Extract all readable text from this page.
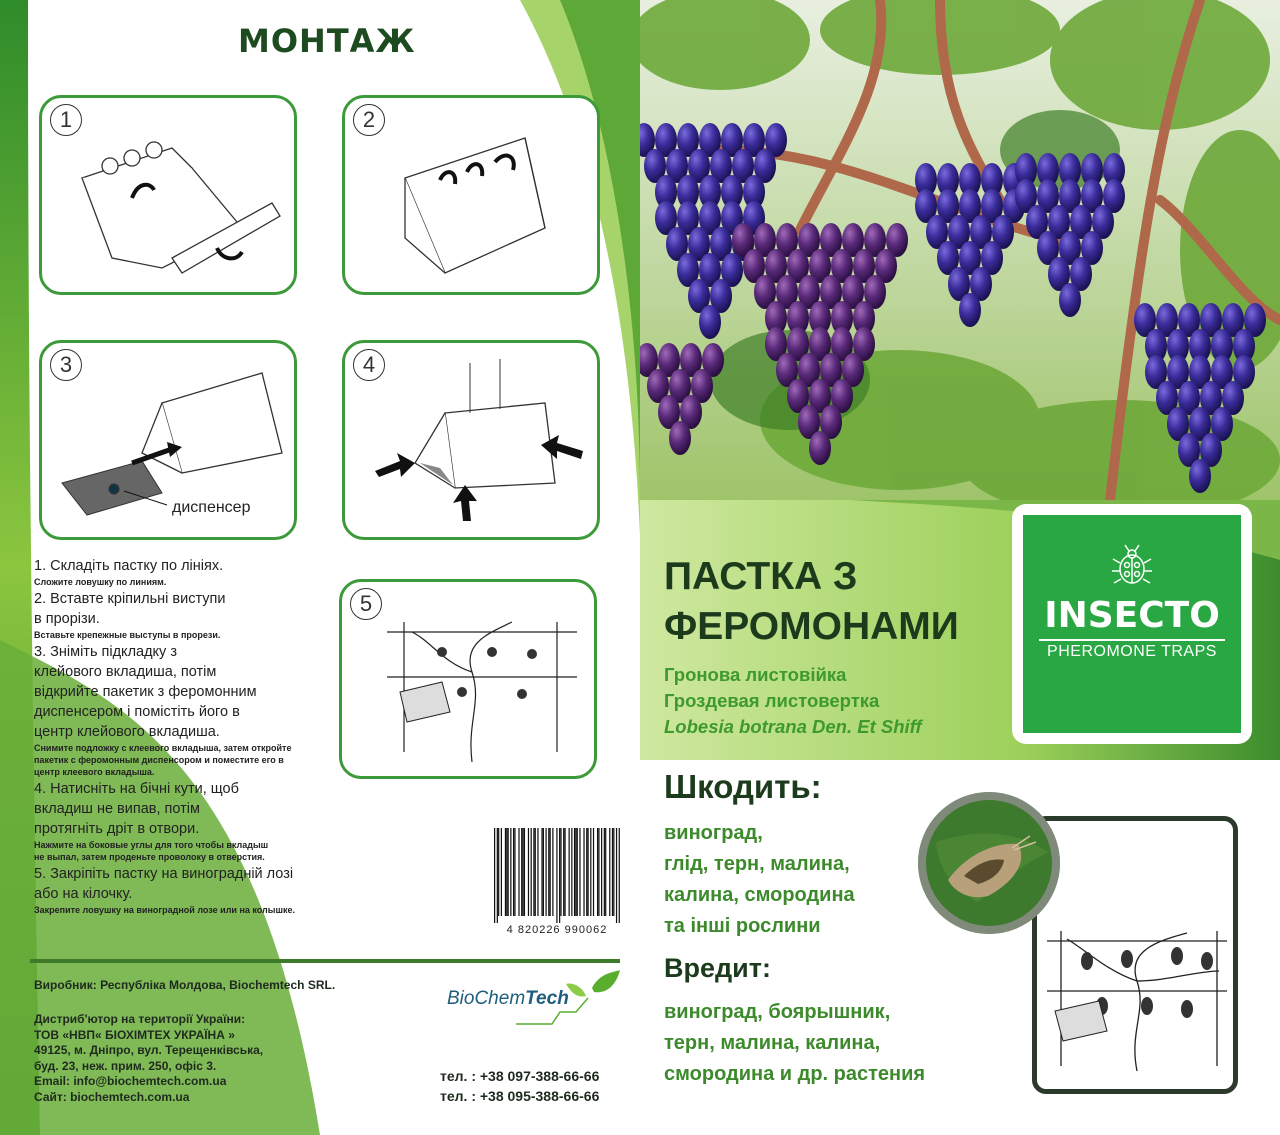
МОНТАЖ
1	2
3
диспенсер
4
5
1. Складіть пастку по лініях.
Сложите ловушку по линиям.
2. Вставте кріпильні виступи
в прорізи.
Вставьте крепежные выступы в прорези.
3. Зніміть підкладку з
клейового вкладиша, потім
відкрийте пакетик з феромонним
диспенсером і помістіть його в
центр клейового вкладиша.
Снимите подложку с клеевого вкладыша, затем откройте
пакетик с феромонным диспенсором и поместите его в
центр клеевого вкладыша.
4. Натисніть на бічні кути, щоб
вкладиш не випав, потім
протягніть дріт в отвори.
Нажмите на боковые углы для того чтобы вкладыш
не выпал, затем проденьте проволоку в отверстия.
5. Закріпіть пастку на виноградній лозі
або на кілочку.
Закрепите ловушку на виноградной лозе или на колышке.
4 820226 990062
Виробник: Республіка Молдова, Biochemtech SRL.
Дистриб'ютор на території України:
ТОВ «НВП« БІОХІМТЕХ УКРАЇНА »
49125, м. Дніпро, вул. Терещенківська,
буд. 23, неж. прим. 250, офіс 3.
Email: info@biochemtech.com.ua
Сайт: biochemtech.com.ua
тел. : +38 097-388-66-66
тел. : +38 095-388-66-66
BioChemTech
ПАСТКА З
ФЕРОМОНАМИ
Гронова листовійка
Гроздевая листовертка
Lobesia botrana Den. Et Shiff
INSECTO
PHEROMONE TRAPS
Шкодить:
виноград,
глід, терн, малина,
калина, смородина
та інші рослини
Вредит:
виноград, боярышник,
терн, малина, калина,
смородина и др. растения
